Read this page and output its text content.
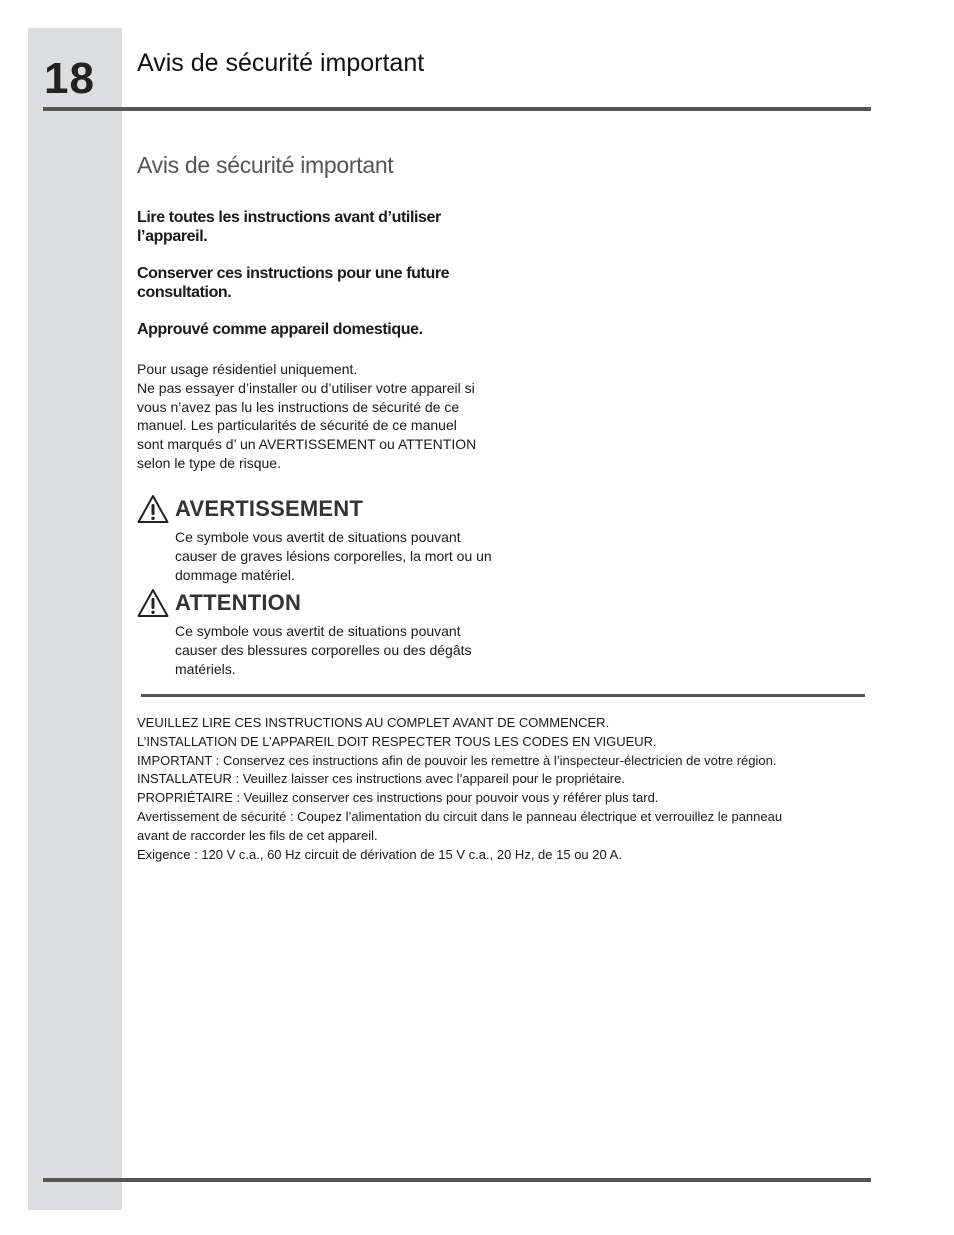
18 Avis de sécurité important
Avis de sécurité important
Lire toutes les instructions avant d’utiliser l’appareil.
Conserver ces instructions pour une future consultation.
Approuvé comme appareil domestique.
Pour usage résidentiel uniquement.
Ne pas essayer d’installer ou d’utiliser votre appareil si vous n’avez pas lu les instructions de sécurité de ce manuel. Les particularités de sécurité de ce manuel sont marqués d’ un AVERTISSEMENT ou ATTENTION selon le type de risque.
AVERTISSEMENT
Ce symbole vous avertit de situations pouvant causer de graves lésions corporelles, la mort ou un dommage matériel.
ATTENTION
Ce symbole vous avertit de situations pouvant causer des blessures corporelles ou des dégâts matériels.
VEUILLEZ LIRE CES INSTRUCTIONS AU COMPLET AVANT DE COMMENCER.
L’INSTALLATION DE L’APPAREIL DOIT RESPECTER TOUS LES CODES EN VIGUEUR.
IMPORTANT : Conservez ces instructions afin de pouvoir les remettre à l’inspecteur-électricien de votre région.
INSTALLATEUR : Veuillez laisser ces instructions avec l’appareil pour le propriétaire.
PROPRIÉTAIRE : Veuillez conserver ces instructions pour pouvoir vous y référer plus tard.
Avertissement de sécurité : Coupez l’alimentation du circuit dans le panneau électrique et verrouillez le panneau avant de raccorder les fils de cet appareil.
Exigence : 120 V c.a., 60 Hz circuit de dérivation de 15 V c.a., 20 Hz, de 15 ou 20 A.
